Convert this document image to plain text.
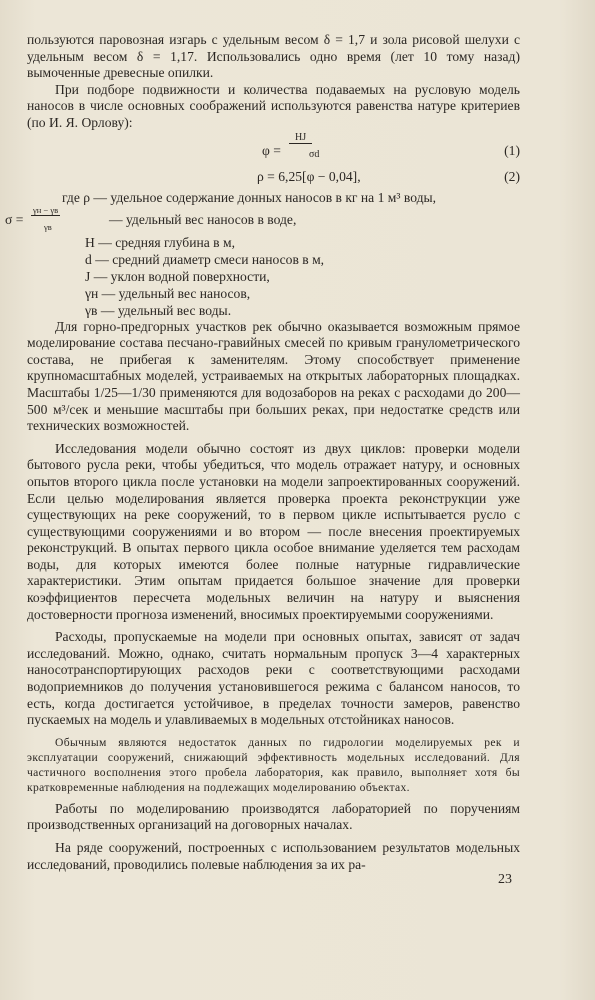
пользуются паровозная изгарь с удельным весом δ = 1,7 и зола рисовой шелухи с удельным весом δ = 1,17. Использовались одно время (лет 10 тому назад) вымоченные древесные опилки.

При подборе подвижности и количества подаваемых на русловую модель наносов в числе основных соображений используются равенства натуре критериев (по И. Я. Орлову):

φ =
HJ
σd	(1)
ρ = 6,25[φ − 0,04],	(2)
где ρ — удельное содержание донных наносов в кг на 1 м³ воды,
σ =
γн − γв
γв	— удельный вес наносов в воде,
H — средняя глубина в м,
d — средний диаметр смеси наносов в м,
J — уклон водной поверхности,
γн — удельный вес наносов,
γв — удельный вес воды.

Для горно-предгорных участков рек обычно оказывается возможным прямое моделирование состава песчано-гравийных смесей по кривым гранулометрического состава, не прибегая к заменителям. Этому способствует применение крупномасштабных моделей, устраиваемых на открытых лабораторных площадках. Масштабы 1/25—1/30 применяются для водозаборов на реках с расходами до 200—500 м³/сек и меньшие масштабы при больших реках, при недостатке средств или технических возможностей.

Исследования модели обычно состоят из двух циклов: проверки модели бытового русла реки, чтобы убедиться, что модель отражает натуру, и основных опытов второго цикла после установки на модели запроектированных сооружений. Если целью моделирования является проверка проекта реконструкции уже существующих на реке сооружений, то в первом цикле испытывается русло с существующими сооружениями и во втором — после внесения проектируемых реконструкций. В опытах первого цикла особое внимание уделяется тем расходам воды, для которых имеются более полные натурные гидравлические характеристики. Этим опытам придается большое значение для проверки коэффициентов пересчета модельных величин на натуру и выяснения достоверности прогноза изменений, вносимых проектируемыми сооружениями.

Расходы, пропускаемые на модели при основных опытах, зависят от задач исследований. Можно, однако, считать нормальным пропуск 3—4 характерных наносотранспортирующих расходов реки с соответствующими расходами водоприемников до получения установившегося режима с балансом наносов, то есть, когда достигается устойчивое, в пределах точности замеров, равенство пускаемых на модель и улавливаемых в модельных отстойниках наносов.

Обычным являются недостаток данных по гидрологии моделируемых рек и эксплуатации сооружений, снижающий эффективность модельных исследований. Для частичного восполнения этого пробела лаборатория, как правило, выполняет хотя бы кратковременные наблюдения на подлежащих моделированию объектах.

Работы по моделированию производятся лабораторией по поручениям производственных организаций на договорных началах.

На ряде сооружений, построенных с использованием результатов модельных исследований, проводились полевые наблюдения за их ра-

23
